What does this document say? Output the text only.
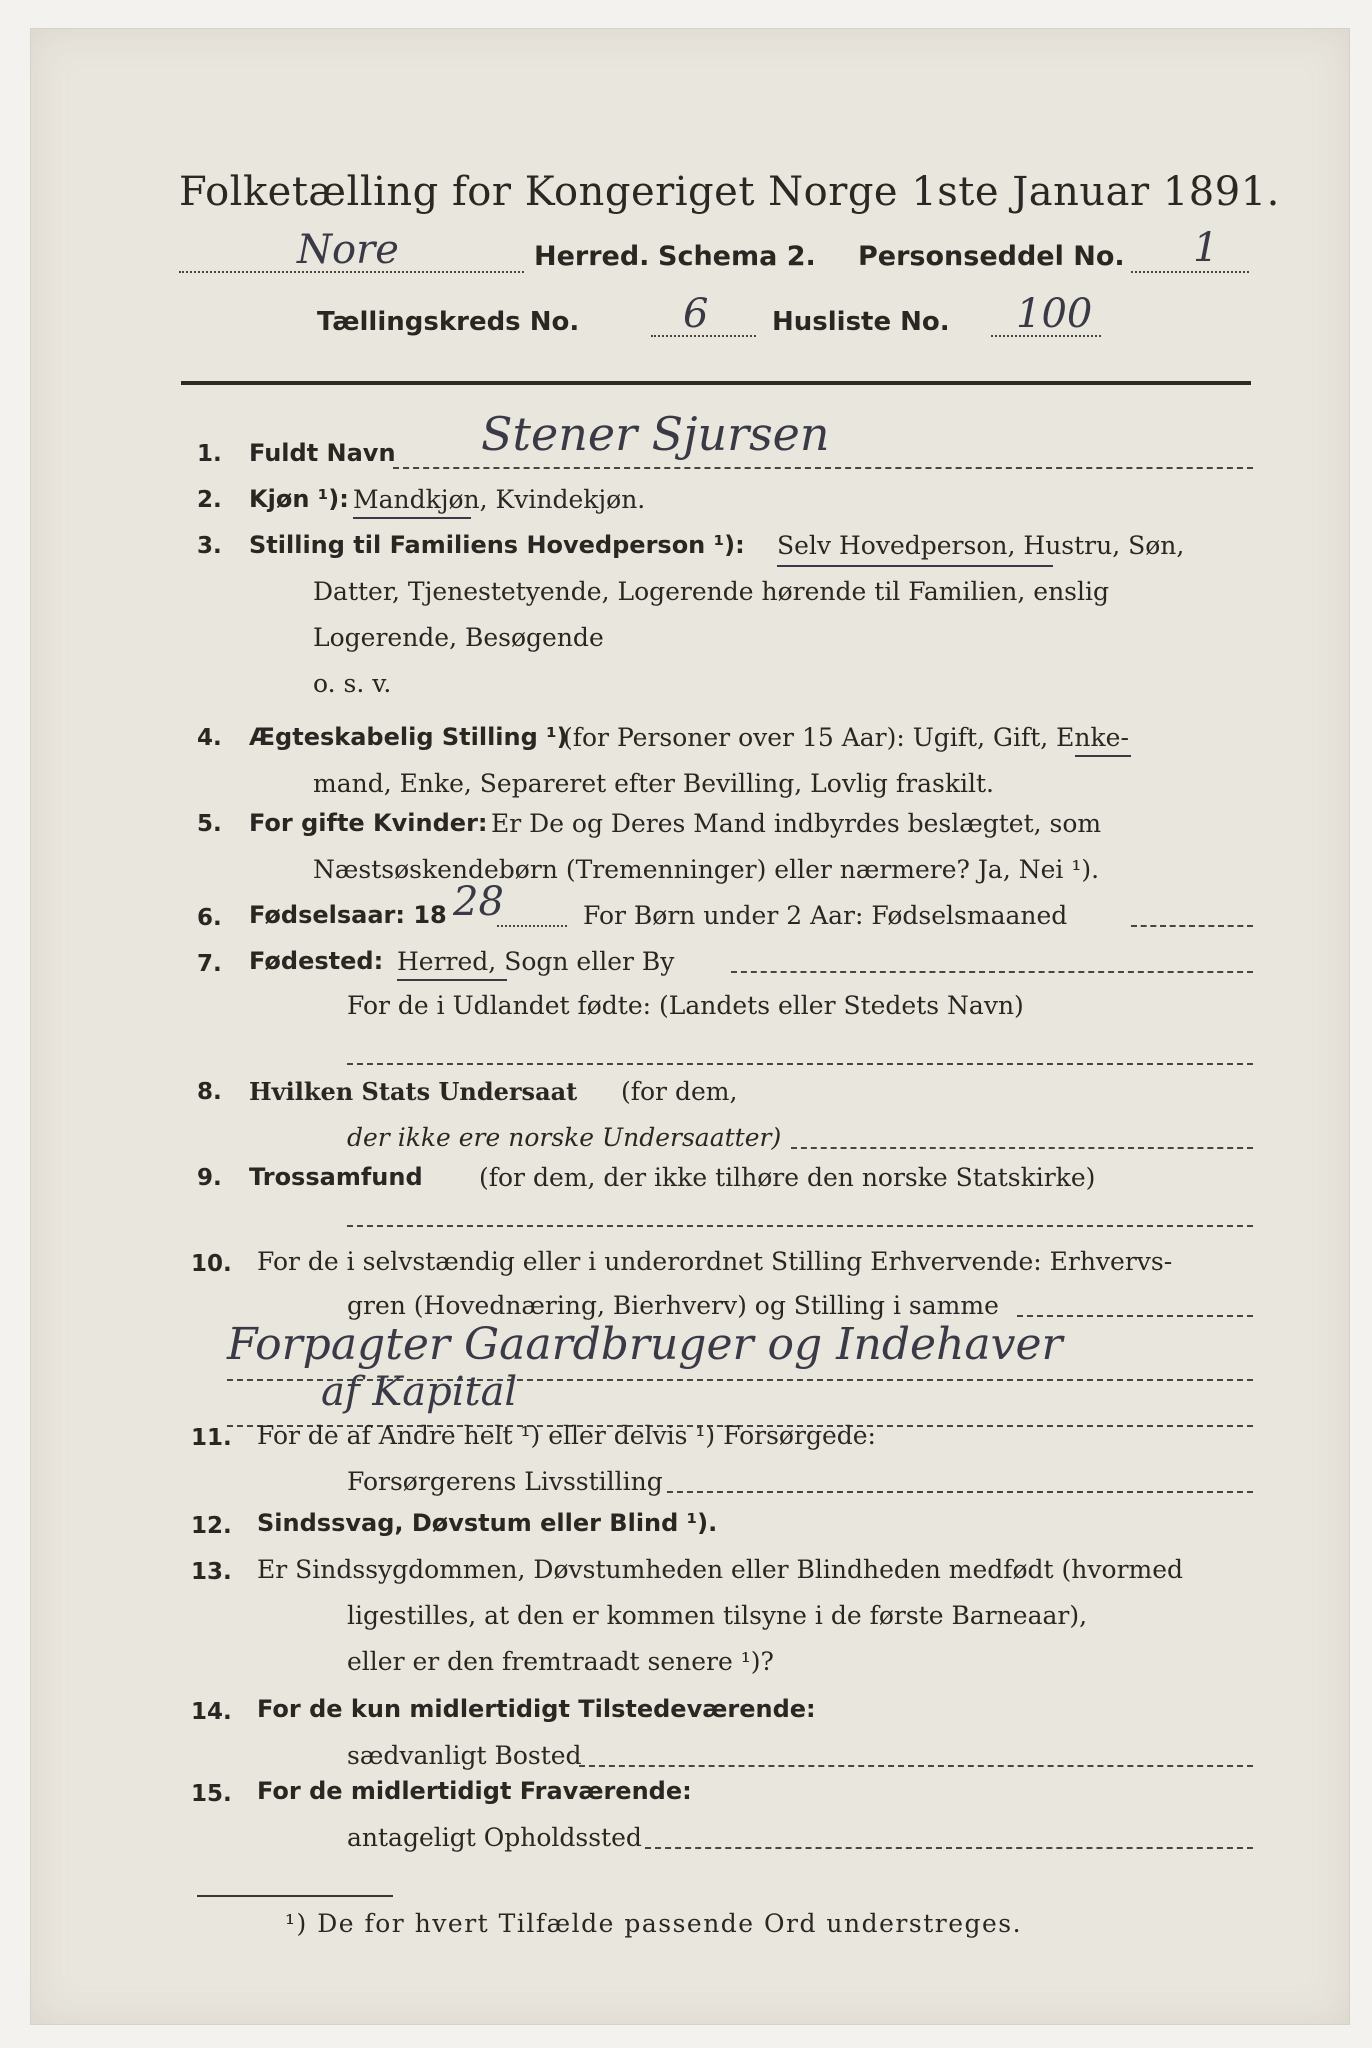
Folketælling for Kongeriget Norge 1ste Januar 1891.
Nore	Herred. Schema 2. Personseddel No. 1
Tællingskreds No.	6 Husliste No. 100
1. Fuldt Navn Stener Sjursen
2. Kjøn ¹): Mandkjøn, Kvindekjøn.
3. Stilling til Familiens Hovedperson ¹): Selv Hovedperson, Hustru, Søn,
Datter, Tjenestetyende, Logerende hørende til Familien, enslig
Logerende, Besøgende
o. s. v.
4. Ægteskabelig Stilling ¹)
(for Personer over 15 Aar): Ugift, Gift, Enke-
mand, Enke, Separeret efter Bevilling, Lovlig fraskilt.
5. For gifte Kvinder: Er De og Deres Mand indbyrdes beslægtet, som
Næstsøskendebørn (Tremenninger) eller nærmere? Ja, Nei ¹).
6. Fødselsaar: 18 28	For Børn under 2 Aar: Fødselsmaaned
7. Fødested: Herred, Sogn eller By
For de i Udlandet fødte: (Landets eller Stedets Navn)
8. Hvilken Stats Undersaat (for dem,
der ikke ere norske Undersaatter)
9. Trossamfund (for dem, der ikke tilhøre den norske Statskirke)
10. For de i selvstændig eller i underordnet Stilling Erhvervende: Erhvervs-
gren (Hovednæring, Bierhverv) og Stilling i samme
Forpagter Gaardbruger og Indehaver
af Kapital
11. For de af Andre helt ¹) eller delvis ¹) Forsørgede:
Forsørgerens Livsstilling
12. Sindssvag, Døvstum eller Blind ¹).
13. Er Sindssygdommen, Døvstumheden eller Blindheden medfødt (hvormed
ligestilles, at den er kommen tilsyne i de første Barneaar),
eller er den fremtraadt senere ¹)?
14. For de kun midlertidigt Tilstedeværende:
sædvanligt Bosted
15. For de midlertidigt Fraværende:
antageligt Opholdssted
¹) De for hvert Tilfælde passende Ord understreges.
